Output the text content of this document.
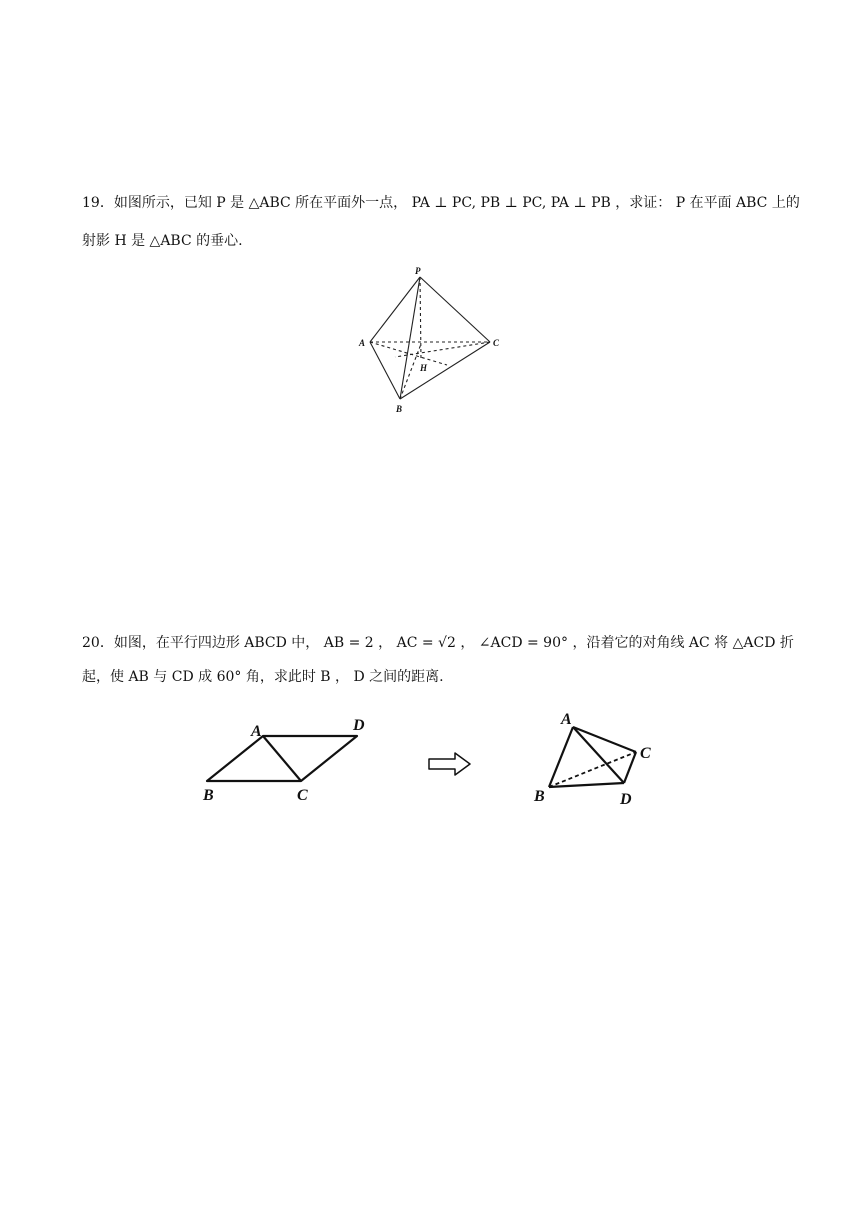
19．如图所示，已知 P 是 △ABC 所在平面外一点， PA ⊥ PC, PB ⊥ PC, PA ⊥ PB ，求证： P 在平面 ABC 上的
射影 H 是 △ABC 的垂心.
P
A	C
H
B
20．如图，在平行四边形 ABCD 中， AB = 2 ， AC = √2 ， ∠ACD = 90° ，沿着它的对角线 AC 将 △ACD 折
起，使 AB 与 CD 成 60° 角，求此时 B ， D 之间的距离.
A	D
B	C
A
C
B	D
